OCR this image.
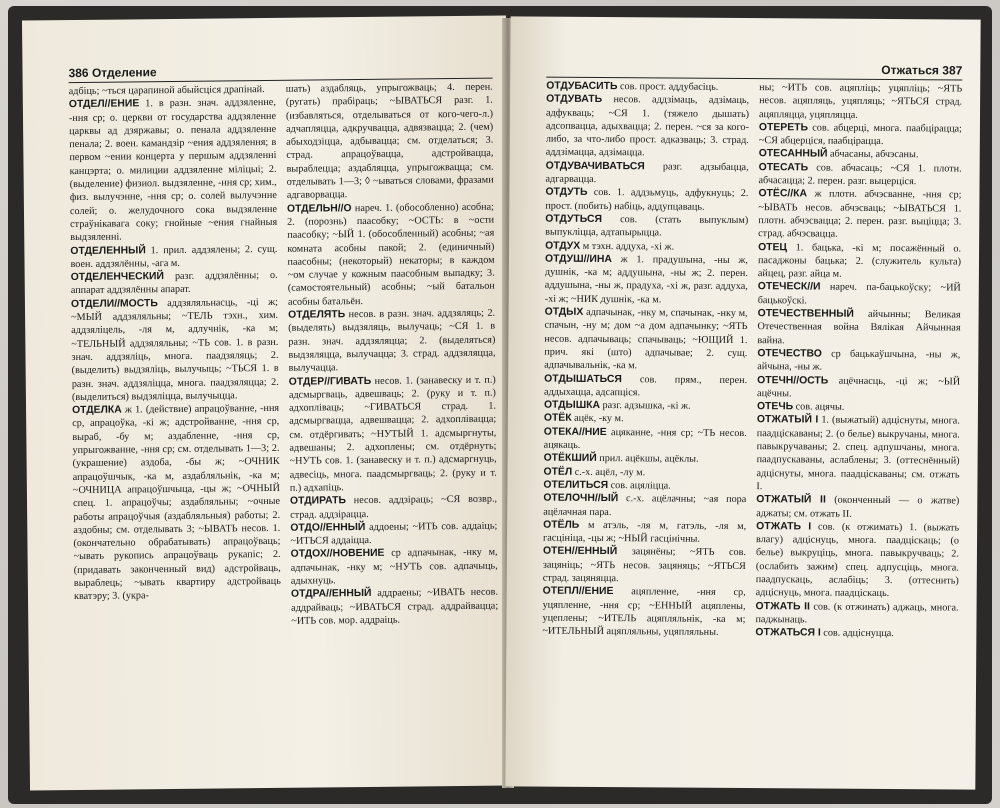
386
Отделение

адбіць; ~ться царапиной абыйсціся драпінай.

ОТДЕЛ//ЕНИЕ 1. в разн. знач. аддзяленне, -ння ср; о. церкви от государства аддзяленне царквы ад дзяржавы; о. пенала аддзяленне пенала; 2. воен. камандзір ~ения аддзялення; в первом ~ении концерта у першым аддзяленні канцэрта; о. милиции аддзяленне міліцыі; 2. (выделение) физиол. выдзяленне, -ння ср; хим., физ. вылучэнне, -ння ср; о. солей вылучэнне солей; о. желудочного сока выдзяленне страўнікавага соку; гнойные ~ения гнайныя выдзяленні.

ОТДЕЛЕННЫЙ 1. прил. аддзялены; 2. сущ. воен. аддзялённы, -ага м.

ОТДЕЛЕНЧЕСКИЙ разг. аддзялённы; о. аппарат аддзялённы апарат.

ОТДЕЛИ//МОСТЬ аддзяляльнасць, -ці ж; ~МЫЙ аддзяляльны; ~ТЕЛЬ тэхн., хим. аддзяліцель, -ля м, адлучнік, -ка м; ~ТЕЛЬНЫЙ аддзяляльны; ~ТЬ сов. 1. в разн. знач. аддзяліць, многа. паадзяляць; 2. (выделить) выдзяліць, вылучыць; ~ТЬСЯ 1. в разн. знач. аддзяліцца, многа. паадзяляцца; 2. (выделиться) выдзяліцца, вылучыцца.

ОТДЕЛКА ж 1. (действие) апрацоўванне, -ння ср, апрацоўка, -кі ж; адстройванне, -ння ср, выраб, -бу м; аздабленне, -ння ср, упрыгожванне, -ння ср; см. отделывать 1—3; 2. (украшение) аздоба, -бы ж; ~ОЧНИК апрацоўшчык, -ка м, аздабляльнік, -ка м; ~ОЧНИЦА апрацоўшчыца, -цы ж; ~ОЧНЫЙ спец. 1. апрацоўчы; аздабляльны; ~очные работы апрацоўчыя (аздабляльныя) работы; 2. аздобны; см. отделывать 3; ~ЫВАТЬ несов. 1. (окончательно обрабатывать) апрацоўваць; ~ывать рукопись апрацоўваць рукапіс; 2. (придавать законченный вид) адстройваць, выраблець; ~ывать квартиру адстройваць кватэру; 3. (укра-

шать) аздабляць, упрыгожваць; 4. перен. (ругать) прабіраць; ~ЫВАТЬСЯ разг. 1. (избавляться, отделываться от кого-чего-л.) адчапляцца, адкручвацца, адвязвацца; 2. (чем) абыходзіцца, адбывацца; см. отделаться; 3. страд. апрацоўвацца, адстройвацца, выраблецца; аздабляцца, упрыгожвацца; см. отделывать 1—3; ◊ ~ываться словами, фразами адгаворвацца.

ОТДЕЛЬН//О нареч. 1. (обособленно) асобна; 2. (порознь) паасобку; ~ОСТЬ: в ~ости паасобку; ~ЫЙ 1. (обособленный) асобны; ~ая комната асобны пакой; 2. (единичный) паасобны; (некоторый) некаторы; в каждом ~ом случае у кожным паасобным выпадку; 3. (самостоятельный) асобны; ~ый батальон асобны батальён.

ОТДЕЛЯТЬ несов. в разн. знач. аддзяляць; 2. (выделять) выдзяляць, вылучаць; ~СЯ 1. в разн. знач. аддзяляцца; 2. (выделяться) выдзяляцца, вылучацца; 3. страд. аддзяляцца, вылучацца.

ОТДЕР//ГИВАТЬ несов. 1. (занавеску и т. п.) адсмыргваць, адвешваць; 2. (руку и т. п.) адхопліваць; ~ГИВАТЬСЯ страд. 1. адсмыргвацца, адвешвацца; 2. адхоплівацца; см. отдёргивать; ~НУТЫЙ 1. адсмыргнуты, адвешаны; 2. адхоплены; см. отдёрнуть; ~НУТЬ сов. 1. (занавеску и т. п.) адсмаргнуць, адвесіць, многа. паадсмыргваць; 2. (руку и т. п.) адхапіць.

ОТДИРАТЬ несов. аддзіраць; ~СЯ возвр., страд. аддзірацца.

ОТДО//ЕННЫЙ аддоены; ~ИТЬ сов. аддаіць; ~ИТЬСЯ аддаіцца.

ОТДОХ//НОВЕНИЕ ср адпачынак, -нку м, адпачынак, -нку м; ~НУТЬ сов. адпачыць, адыхнуць.

ОТДРА//ЕННЫЙ аддраены; ~ИВАТЬ несов. аддрайваць; ~ИВАТЬСЯ страд. аддрайвацца; ~ИТЬ сов. мор. аддраіць.

Отжаться
387

ОТДУБАСИТЬ сов. прост. аддубасіць.

ОТДУВАТЬ несов. аддзімаць, адзімаць, адфукваць; ~СЯ 1. (тяжело дышать) адсопвацца, адыхвацца; 2. перен. ~ся за кого-либо, за что-либо прост. адказваць; 3. страд. аддзімацца, адзімацца.

ОТДУВАЧИВАТЬСЯ разг. адзыбацца, адгарвацца.

ОТДУТЬ сов. 1. аддзьмуць, адфукнуць; 2. прост. (побить) набіць, аддупцаваць.

ОТДУТЬСЯ сов. (стать выпуклым) выпукліцца, адтапырыцца.

ОТДУХ м тэхн. аддуха, -хі ж.

ОТДУШ//ИНА ж 1. прадушына, -ны ж, душнік, -ка м; аддушына, -ны ж; 2. перен. аддушына, -ны ж, прадуха, -хі ж, разг. аддуха, -хі ж; ~НИК душнік, -ка м.

ОТДЫХ адпачынак, -нку м, спачынак, -нку м, спачын, -ну м; дом ~а дом адпачынку; ~ЯТЬ несов. адпачываць; спачываць; ~ЮЩИЙ 1. прич. які (што) адпачывае; 2. сущ. адпачывальнік, -ка м.

ОТДЫШАТЬСЯ сов. прям., перен. аддыхацца, адсапціся.

ОТДЫШКА разг. адзышка, -кі ж.

ОТЁК ацёк, -ку м.

ОТЕКА//НИЕ ацяканне, -ння ср; ~ТЬ несов. ацякаць.

ОТЁКШИЙ прил. ацёкшы, ацёклы.

ОТЁЛ с.-х. ацёл, -лу м.

ОТЕЛИТЬСЯ сов. ацяліцца.

ОТЕЛОЧН//ЫЙ с.-х. ацёлачны; ~ая пора ацёлачная пара.

ОТЁЛЬ м атэль, -ля м, гатэль, -ля м, гасцініца, -цы ж; ~НЫЙ гасцінічны.

ОТЕН//ЕННЫЙ зацянёны; ~ЯТЬ сов. зацяніць; ~ЯТЬ несов. зацяняць; ~ЯТЬСЯ страд. зацяняцца.

ОТЕПЛ//ЕНИЕ ацяпленне, -ння ср, уцяпленне, -ння ср; ~ЕННЫЙ ацяплены, уцеплены; ~ИТЕЛЬ ацяпляльнік, -ка м; ~ИТЕЛЬНЫЙ ацяпляльны, уцяпляльны.

ны; ~ИТЬ сов. ацяпліць; уцяпліць; ~ЯТЬ несов. ацяпляць, уцяпляць; ~ЯТЬСЯ страд. ацяпляцца, уцяпляцца.

ОТЕРЕТЬ сов. абцерці, многа. паабцірацца; ~СЯ абцерціся, паабцірацца.

ОТЕСАННЫЙ абчасаны, абчэсаны.

ОТЕСАТЬ сов. абчасаць; ~СЯ 1. плотн. абчасацца; 2. перен. разг. выцерціся.

ОТЁС//КА ж плотн. абчэсванне, -ння ср; ~ЫВАТЬ несов. абчэсваць; ~ЫВАТЬСЯ 1. плотн. абчэсвацца; 2. перен. разг. выціцца; 3. страд. абчэсвацца.

ОТЕЦ 1. бацька, -кі м; посажённый о. пасаджоны бацька; 2. (служитель культа) айцец, разг. айца м.

ОТЕЧЕСК//И нареч. па-бацькоўску; ~ИЙ бацькоўскі.

ОТЕЧЕСТВЕННЫЙ айчынны; Великая Отечественная война Вялікая Айчынная вайна.

ОТЕЧЕСТВО ср бацькаўшчына, -ны ж, айчына, -ны ж.

ОТЕЧН//ОСТЬ ацёчнасць, -ці ж; ~ЫЙ ацёчны.

ОТЕЧЬ сов. ацячы.

ОТЖАТЫЙ I 1. (выжатый) адціснуты, многа. паадціскаваны; 2. (о белье) выкручаны, многа. павыкручаваны; 2. спец. адпушчаны, многа. паадпускаваны, аслаблены; 3. (оттеснённый) адціснуты, многа. паадціскаваны; см. отжать I.

ОТЖАТЫЙ II (оконченный — о жатве) аджаты; см. отжать II.

ОТЖАТЬ I сов. (к отжимать) 1. (выжать влагу) адціснуць, многа. паадціскаць; (о белье) выкруціць, многа. павыкручваць; 2. (ослабить зажим) спец. адпусціць, многа. паадпускаць, аслабіць; 3. (оттеснить) адціснуць, многа. паадціскаць.

ОТЖАТЬ II сов. (к отжинать) аджаць, многа. паджынаць.

ОТЖАТЬСЯ I сов. адціснуцца.
